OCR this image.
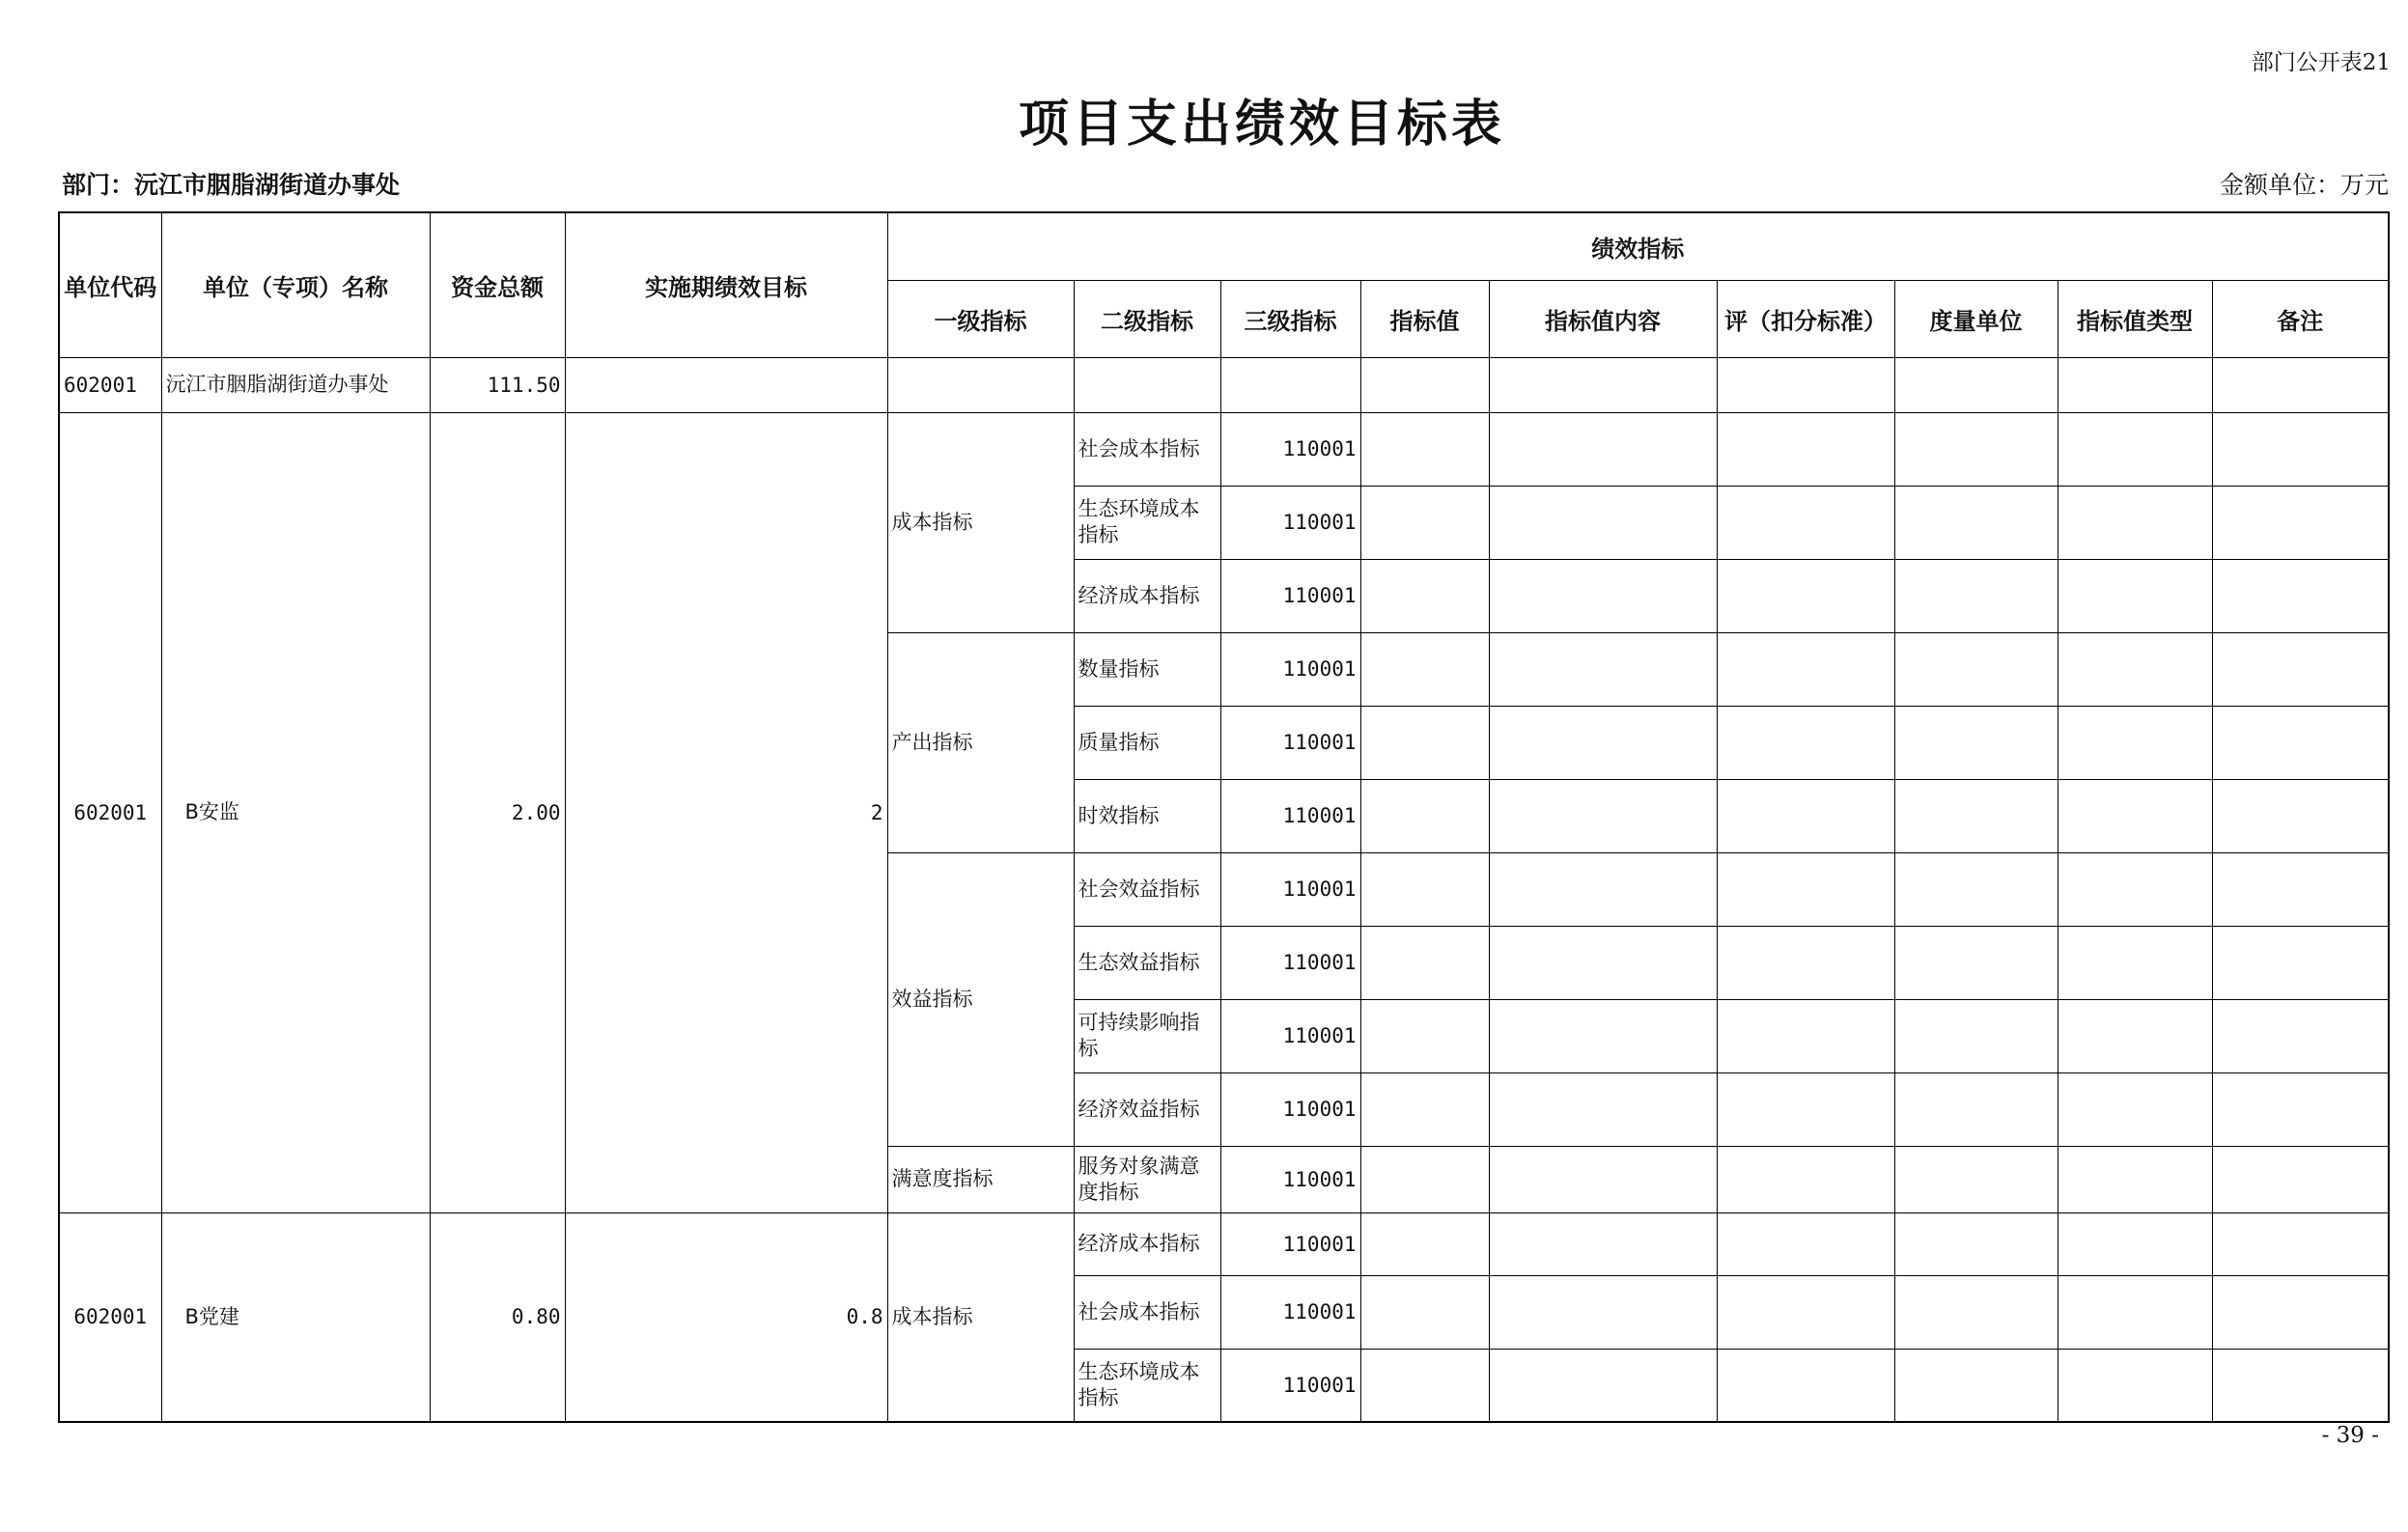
部门公开表21
项目支出绩效目标表
部门：沅江市胭脂湖街道办事处	金额单位：万元
单位代码	单位（专项）名称	资金总额	实施期绩效目标	绩效指标								
				一级指标	二级指标	三级指标	指标值	指标值内容	评（扣分标准）	度量单位	指标值类型	备注
602001	沅江市胭脂湖街道办事处	111.50										
602001	B安监	2.00	2	成本指标	社会成本指标	110001						
					生态环境成本指标	110001						
					经济成本指标	110001						
				产出指标	数量指标	110001						
					质量指标	110001						
					时效指标	110001						
				效益指标	社会效益指标	110001						
					生态效益指标	110001						
					可持续影响指标	110001						
					经济效益指标	110001						
				满意度指标	服务对象满意度指标	110001						
602001	B党建	0.80	0.8	成本指标	经济成本指标	110001						
					社会成本指标	110001						
					生态环境成本指标	110001						
- 39 -
